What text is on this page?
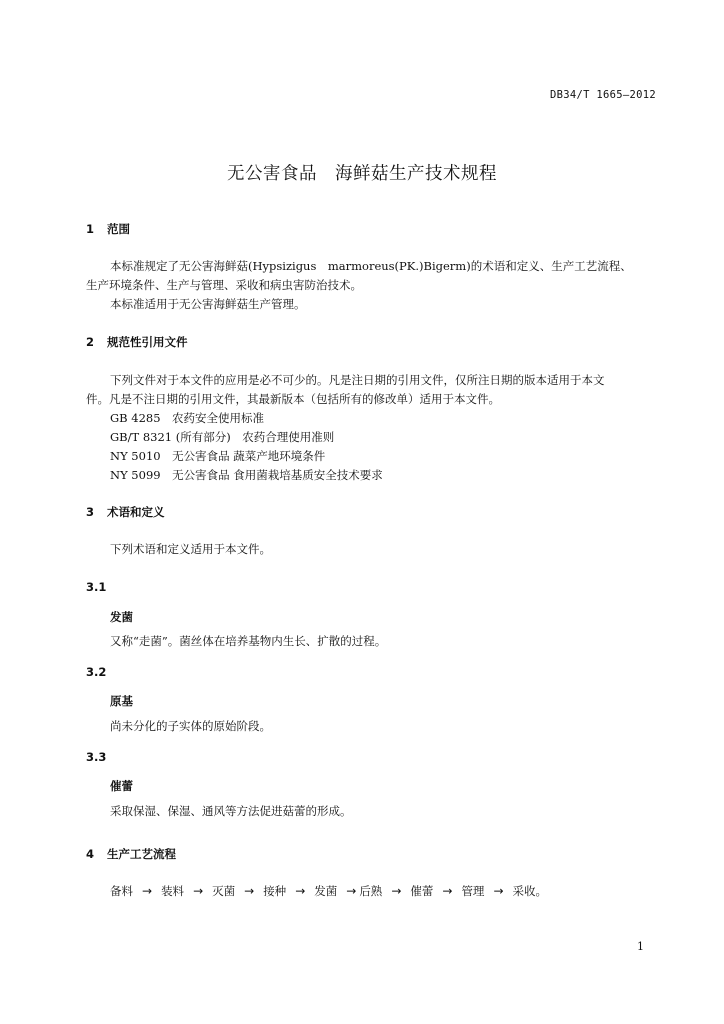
DB34/T 1665—2012
无公害食品 海鲜菇生产技术规程
1 范围
本标准规定了无公害海鲜菇(Hypsizigus　marmoreus(PK.)Bigerm)的术语和定义、生产工艺流程、
生产环境条件、生产与管理、采收和病虫害防治技术。
本标准适用于无公害海鲜菇生产管理。
2 规范性引用文件
下列文件对于本文件的应用是必不可少的。凡是注日期的引用文件，仅所注日期的版本适用于本文
件。凡是不注日期的引用文件，其最新版本（包括所有的修改单）适用于本文件。
GB 4285　农药安全使用标准
GB/T 8321 (所有部分)　农药合理使用准则
NY 5010　无公害食品 蔬菜产地环境条件
NY 5099　无公害食品 食用菌栽培基质安全技术要求
3 术语和定义
下列术语和定义适用于本文件。
3.1
发菌
又称“走菌”。菌丝体在培养基物内生长、扩散的过程。
3.2
原基
尚未分化的子实体的原始阶段。
3.3
催蕾
采取保湿、保湿、通风等方法促进菇蕾的形成。
4 生产工艺流程
备料 → 装料 → 灭菌 → 接种 → 发菌 → 后熟 → 催蕾 → 管理 → 采收。
1
